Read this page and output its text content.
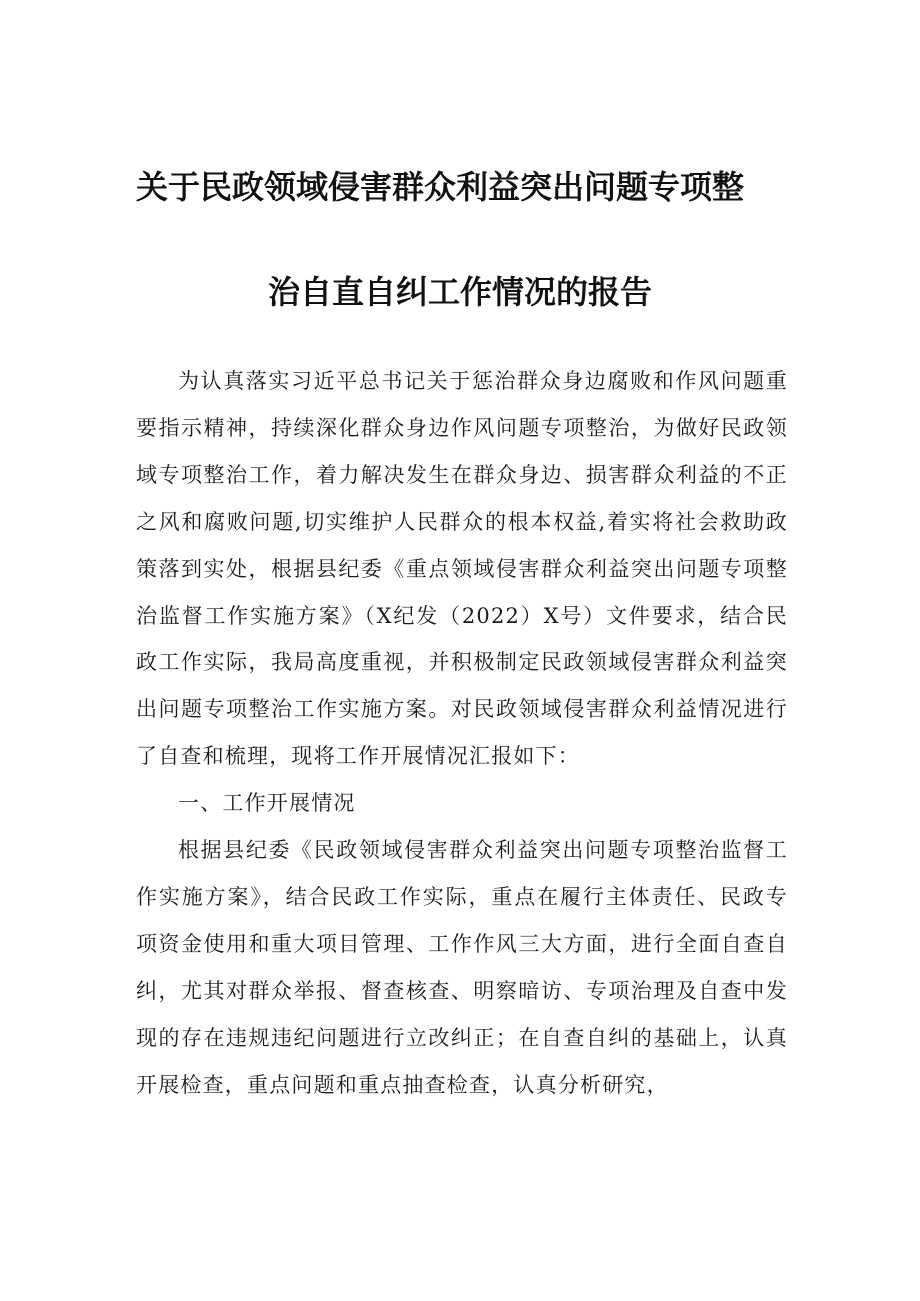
关于民政领域侵害群众利益突出问题专项整
治自直自纠工作情况的报告

为认真落实习近平总书记关于惩治群众身边腐败和作风问题重要指示精神，持续深化群众身边作风问题专项整治，为做好民政领域专项整治工作，着力解决发生在群众身边、损害群众利益的不正之风和腐败问题,切实维护人民群众的根本权益,着实将社会救助政策落到实处，根据县纪委《重点领域侵害群众利益突出问题专项整治监督工作实施方案》（X纪发（2022）X号）文件要求，结合民政工作实际，我局高度重视，并积极制定民政领域侵害群众利益突出问题专项整治工作实施方案。对民政领域侵害群众利益情况进行了自查和梳理，现将工作开展情况汇报如下：

一、工作开展情况

根据县纪委《民政领域侵害群众利益突出问题专项整治监督工作实施方案》，结合民政工作实际，重点在履行主体责任、民政专项资金使用和重大项目管理、工作作风三大方面，进行全面自查自纠，尤其对群众举报、督查核查、明察暗访、专项治理及自查中发现的存在违规违纪问题进行立改纠正；在自查自纠的基础上，认真开展检查，重点问题和重点抽查检查，认真分析研究，
